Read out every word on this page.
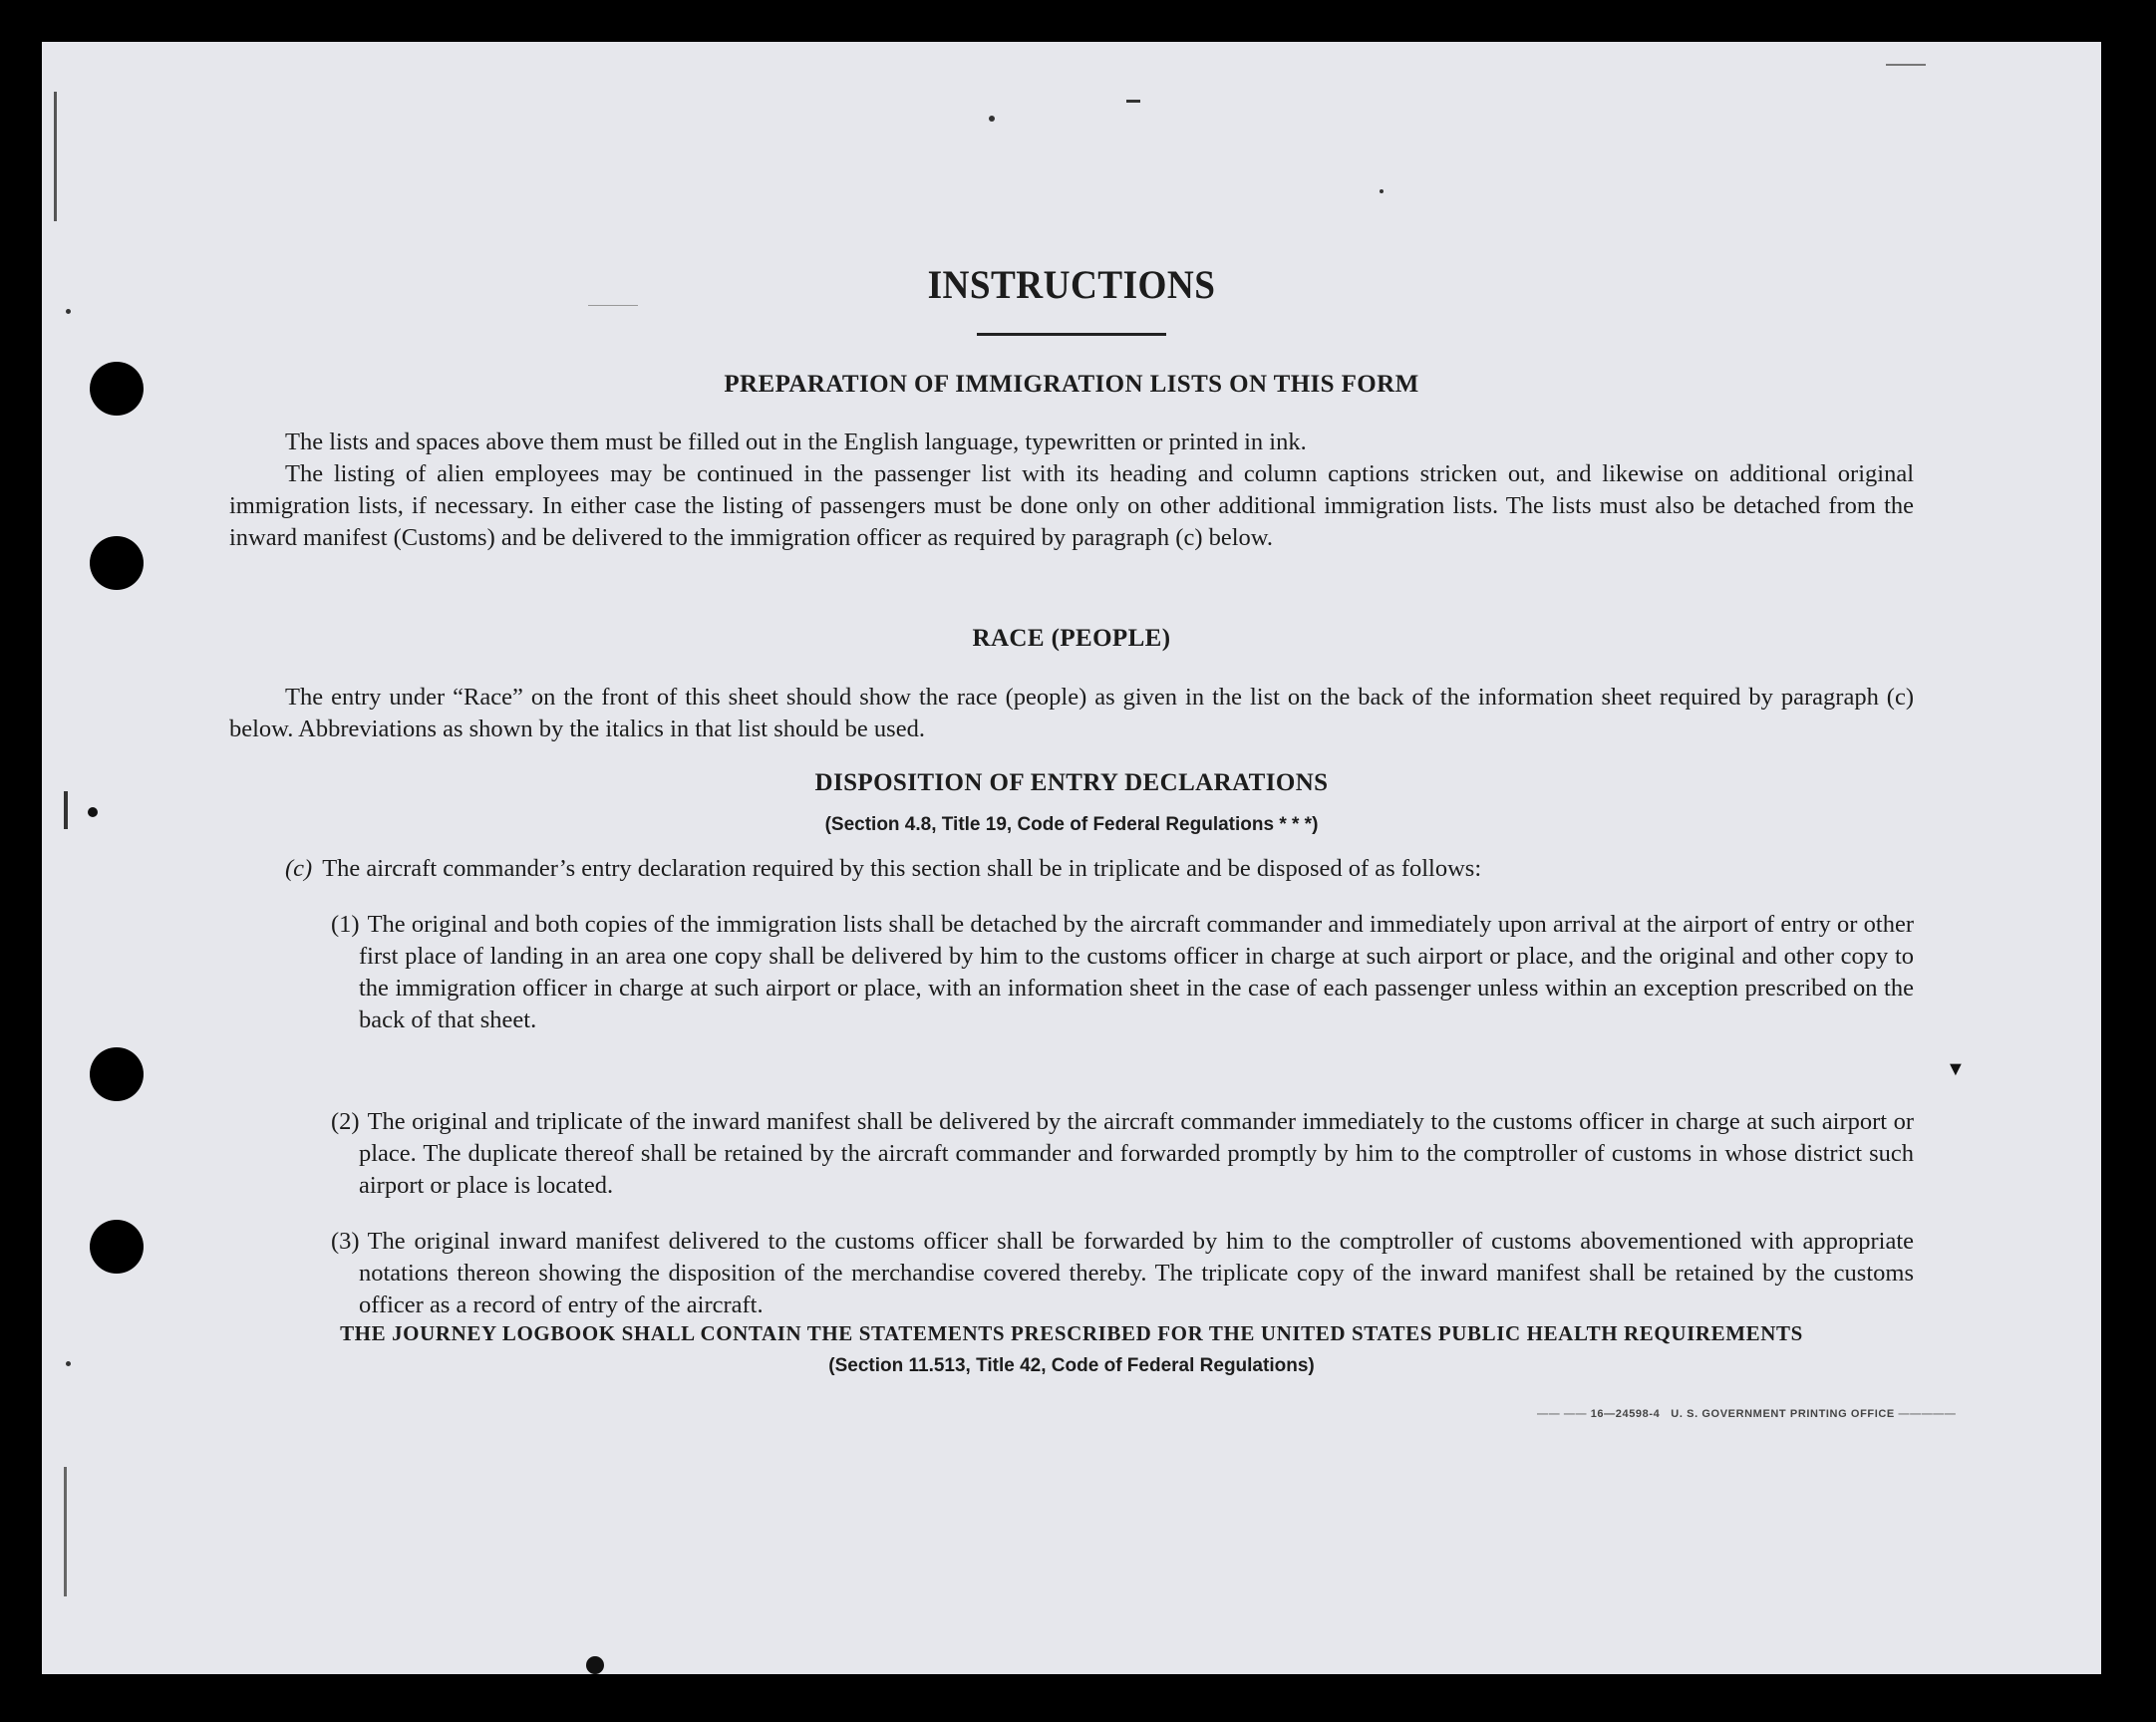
INSTRUCTIONS
PREPARATION OF IMMIGRATION LISTS ON THIS FORM
The lists and spaces above them must be filled out in the English language, typewritten or printed in ink.
The listing of alien employees may be continued in the passenger list with its heading and column captions stricken out, and likewise on additional original immigration lists, if necessary. In either case the listing of passengers must be done only on other additional immigration lists. The lists must also be detached from the inward manifest (Customs) and be delivered to the immigration officer as required by paragraph (c) below.
RACE (PEOPLE)
The entry under “Race” on the front of this sheet should show the race (people) as given in the list on the back of the information sheet required by paragraph (c) below. Abbreviations as shown by the italics in that list should be used.
DISPOSITION OF ENTRY DECLARATIONS
(Section 4.8, Title 19, Code of Federal Regulations * * *)
(c) The aircraft commander’s entry declaration required by this section shall be in triplicate and be disposed of as follows:
(1) The original and both copies of the immigration lists shall be detached by the aircraft commander and immediately upon arrival at the airport of entry or other first place of landing in an area one copy shall be delivered by him to the customs officer in charge at such airport or place, and the original and other copy to the immigration officer in charge at such airport or place, with an information sheet in the case of each passenger unless within an exception prescribed on the back of that sheet.
(2) The original and triplicate of the inward manifest shall be delivered by the aircraft commander immediately to the customs officer in charge at such airport or place. The duplicate thereof shall be retained by the aircraft commander and forwarded promptly by him to the comptroller of customs in whose district such airport or place is located.
(3) The original inward manifest delivered to the customs officer shall be forwarded by him to the comptroller of customs abovementioned with appropriate notations thereon showing the disposition of the merchandise covered thereby. The triplicate copy of the inward manifest shall be retained by the customs officer as a record of entry of the aircraft.
▼
THE JOURNEY LOGBOOK SHALL CONTAIN THE STATEMENTS PRESCRIBED FOR THE UNITED STATES PUBLIC HEALTH REQUIREMENTS
(Section 11.513, Title 42, Code of Federal Regulations)
—— —— 16—24598-4 U. S. GOVERNMENT PRINTING OFFICE —————
